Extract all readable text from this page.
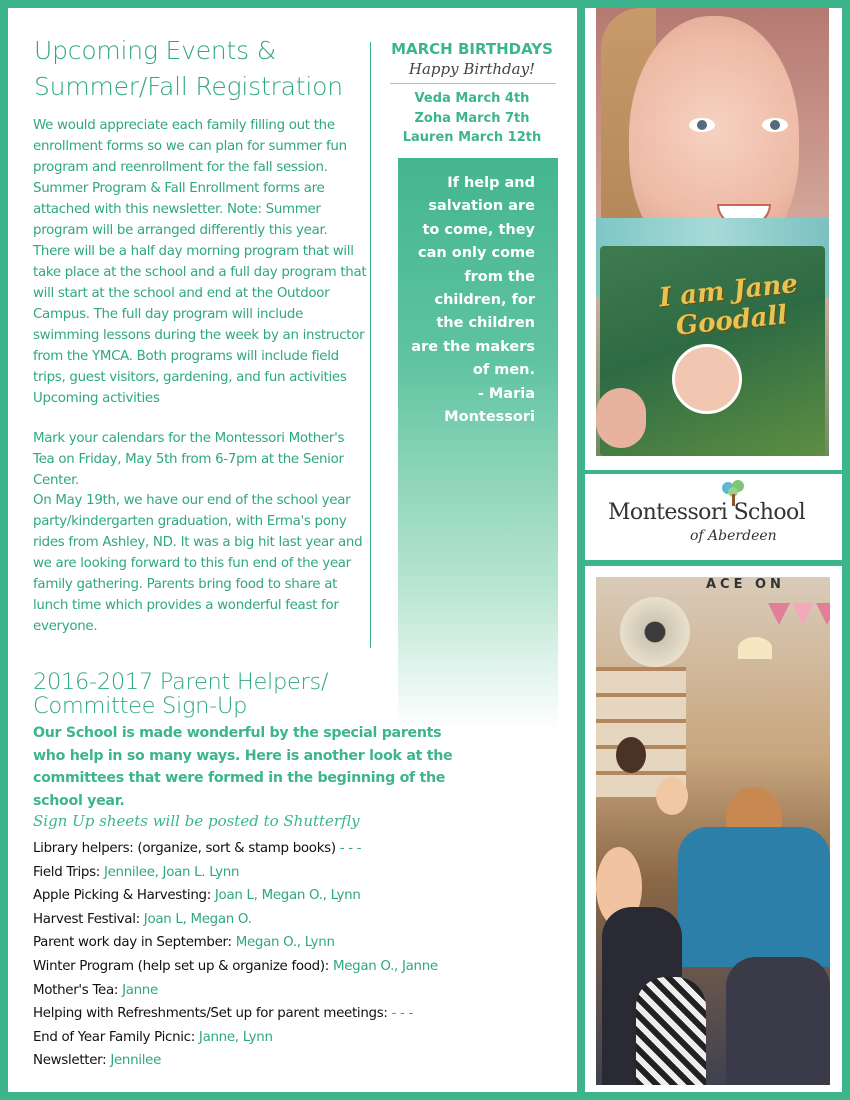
Upcoming Events & Summer/Fall Registration

We would appreciate each family filling out the enrollment forms so we can plan for summer fun program and reenrollment for the fall session. Summer Program & Fall Enrollment forms are attached with this newsletter. Note: Summer program will be arranged differently this year. There will be a half day morning program that will take place at the school and a full day program that will start at the school and end at the Outdoor Campus. The full day program will include swimming lessons during the week by an instructor from the YMCA. Both programs will include field trips, guest visitors, gardening, and fun activities Upcoming activities

Mark your calendars for the Montessori Mother's Tea on Friday, May 5th from 6-7pm at the Senior Center.

On May 19th, we have our end of the school year party/kindergarten graduation, with Erma's pony rides from Ashley, ND. It was a big hit last year and we are looking forward to this fun end of the year family gathering. Parents bring food to share at lunch time which provides a wonderful feast for everyone.

MARCH BIRTHDAYS
Happy Birthday!
Veda March 4th
Zoha March 7th
Lauren March 12th
If help and salvation are to come, they can only come from the children, for the children are the makers of men.
- Maria Montessori
2016-2017 Parent Helpers/ Committee Sign-Up

Our School is made wonderful by the special parents who help in so many ways. Here is another look at the committees that were formed in the beginning of the school year.

Sign Up sheets will be posted to Shutterfly
Library helpers: (organize, sort & stamp books) - - -
Field Trips: Jennilee, Joan L. Lynn
Apple Picking & Harvesting: Joan L, Megan O., Lynn
Harvest Festival: Joan L, Megan O.
Parent work day in September: Megan O., Lynn
Winter Program (help set up & organize food): Megan O., Janne
Mother's Tea: Janne
Helping with Refreshments/Set up for parent meetings: - - -
End of Year Family Picnic: Janne, Lynn
Newsletter: Jennilee
I am Jane Goodall
Montessori School
of Aberdeen
ACE ON
